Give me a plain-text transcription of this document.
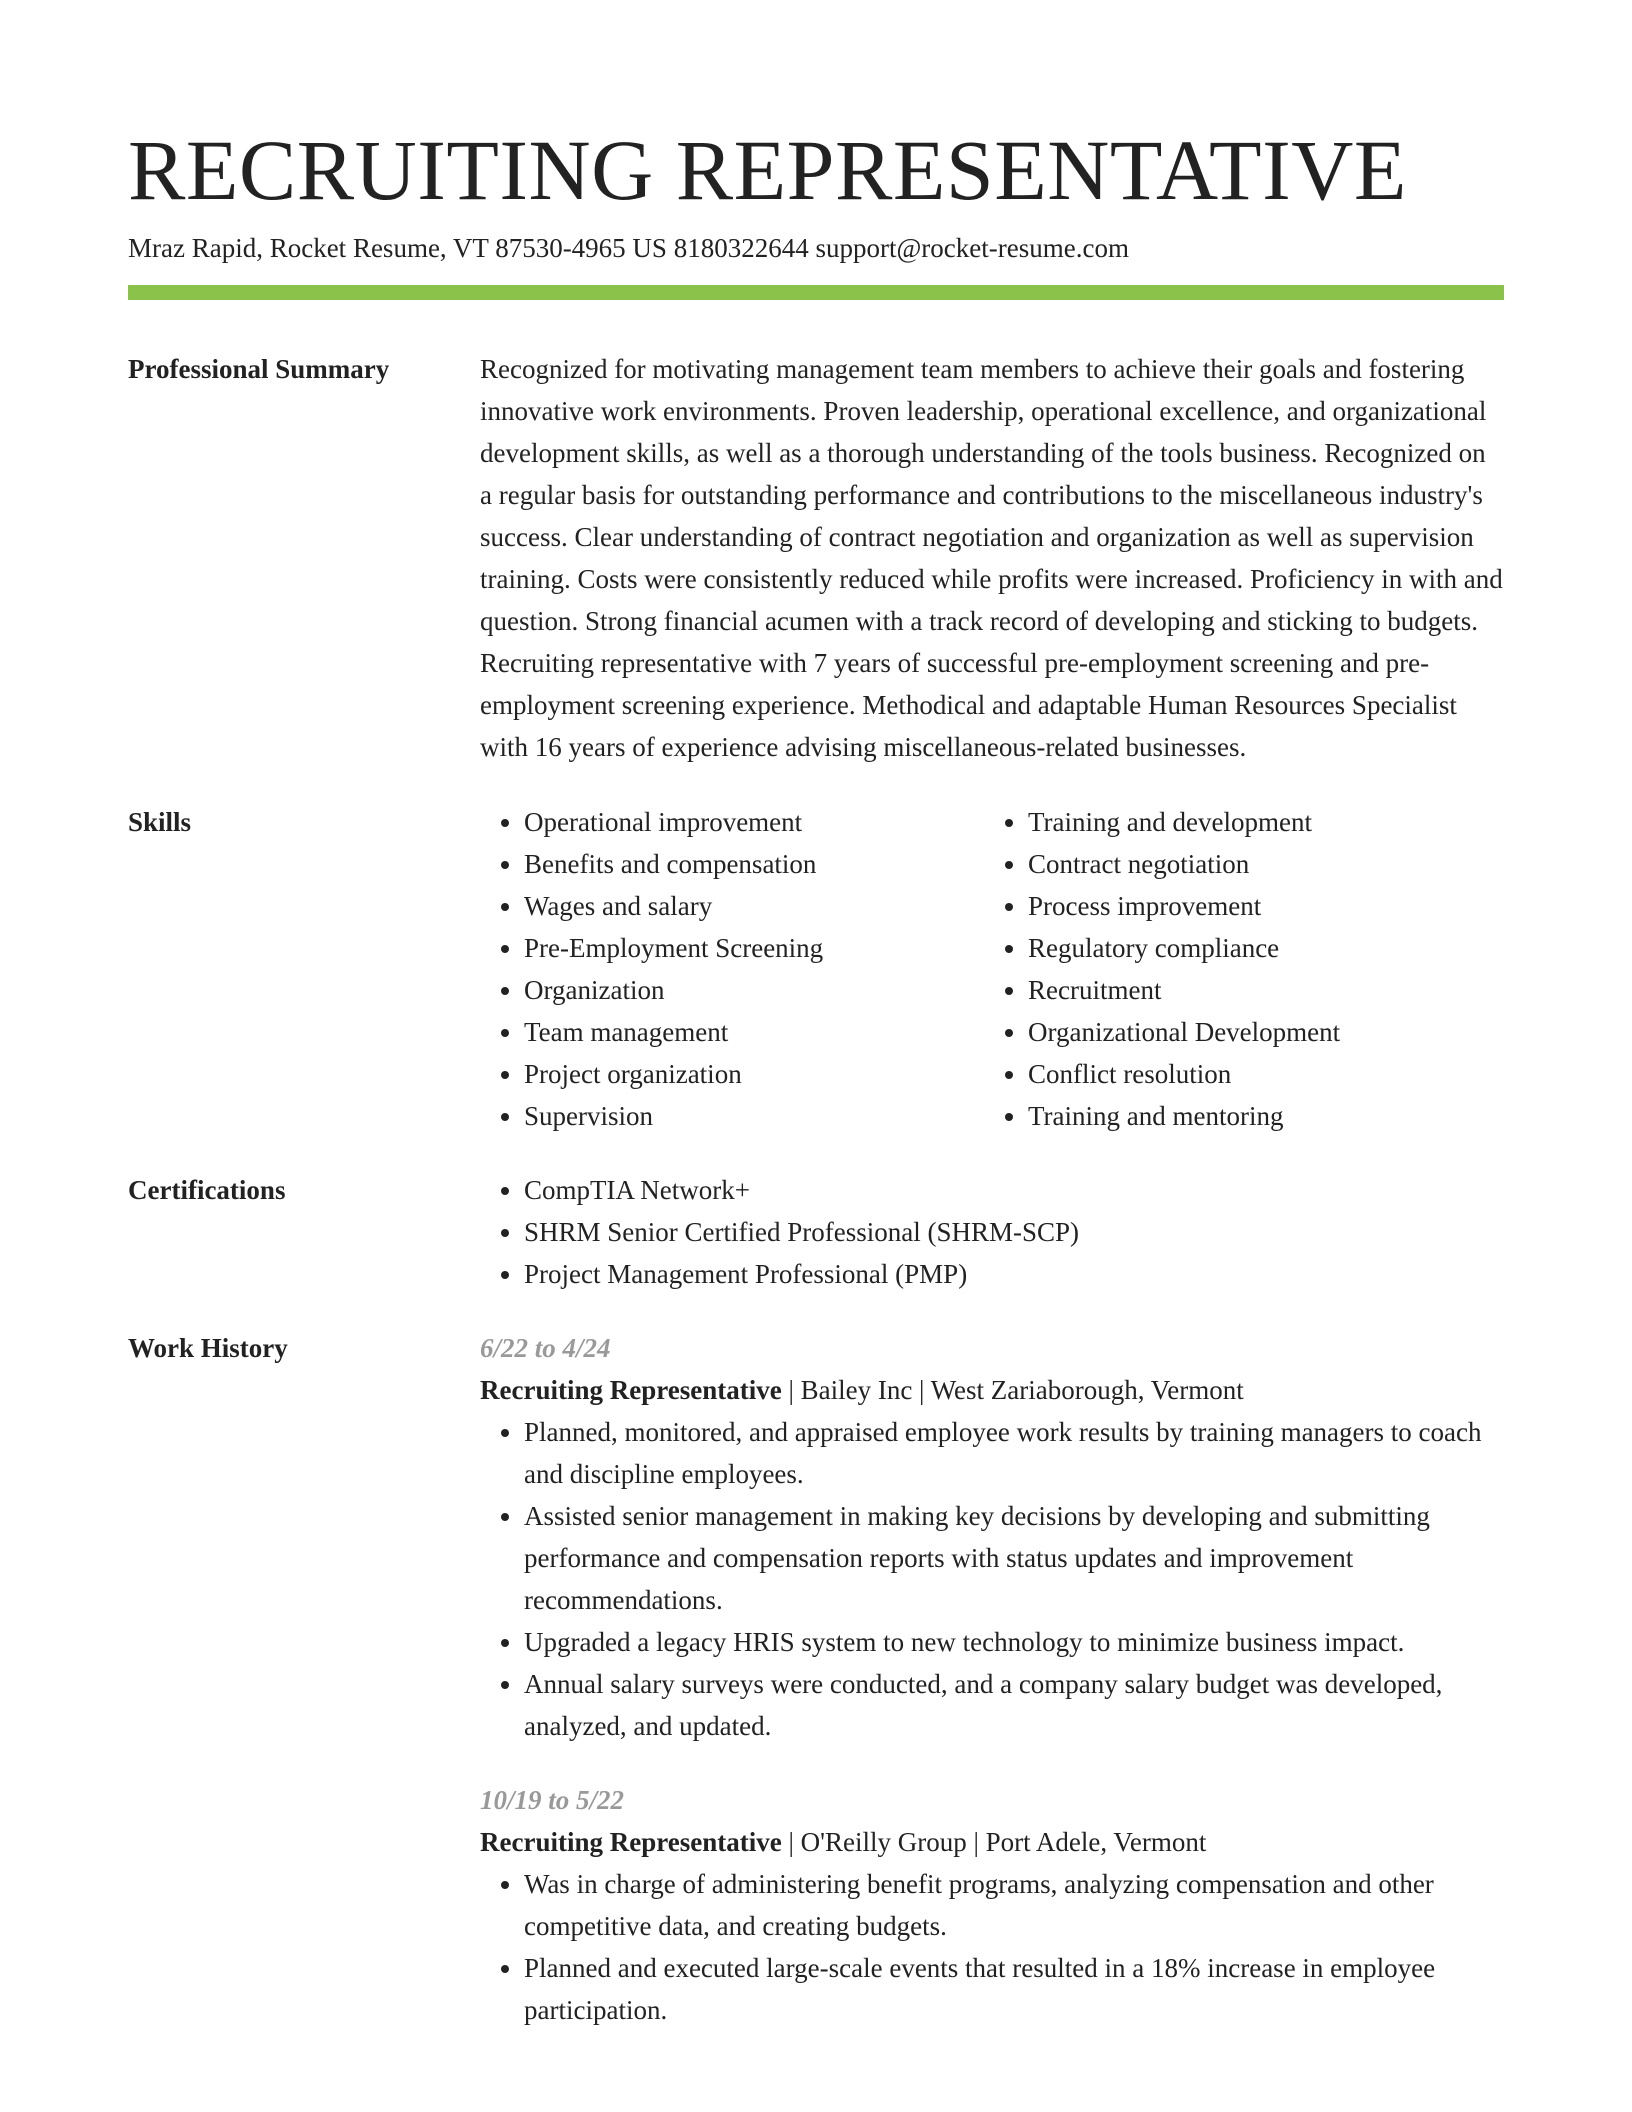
RECRUITING REPRESENTATIVE
Mraz Rapid, Rocket Resume, VT 87530-4965 US 8180322644 support@rocket-resume.com
Professional Summary	Recognized for motivating management team members to achieve their goals and fostering innovative work environments. Proven leadership, operational excellence, and organizational development skills, as well as a thorough understanding of the tools business. Recognized on a regular basis for outstanding performance and contributions to the miscellaneous industry's success. Clear understanding of contract negotiation and organization as well as supervision training. Costs were consistently reduced while profits were increased. Proficiency in with and question. Strong financial acumen with a track record of developing and sticking to budgets. Recruiting representative with 7 years of successful pre-employment screening and pre-employment screening experience. Methodical and adaptable Human Resources Specialist with 16 years of experience advising miscellaneous-related businesses.

Skills	• Operational improvement
• Benefits and compensation
• Wages and salary
• Pre-Employment Screening
• Organization
• Team management
• Project organization
• Supervision
• Training and development
• Contract negotiation
• Process improvement
• Regulatory compliance
• Recruitment
• Organizational Development
• Conflict resolution
• Training and mentoring
Certifications	• CompTIA Network+
• SHRM Senior Certified Professional (SHRM-SCP)
• Project Management Professional (PMP)
Work History	6/22 to 4/24
Recruiting Representative | Bailey Inc | West Zariaborough, Vermont
• Planned, monitored, and appraised employee work results by training managers to coach and discipline employees.
• Assisted senior management in making key decisions by developing and submitting performance and compensation reports with status updates and improvement recommendations.
• Upgraded a legacy HRIS system to new technology to minimize business impact.
• Annual salary surveys were conducted, and a company salary budget was developed, analyzed, and updated.
10/19 to 5/22
Recruiting Representative | O'Reilly Group | Port Adele, Vermont
• Was in charge of administering benefit programs, analyzing compensation and other competitive data, and creating budgets.
• Planned and executed large-scale events that resulted in a 18% increase in employee participation.
